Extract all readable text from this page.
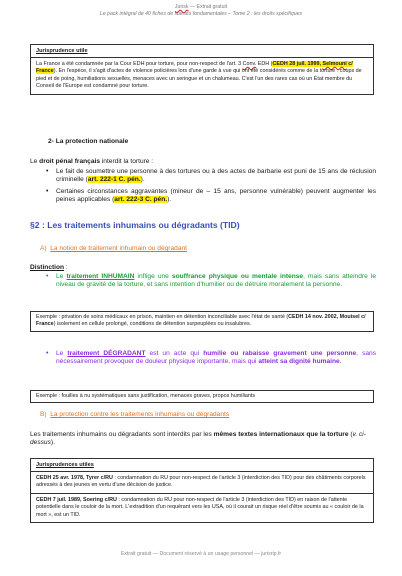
Jurisk — Extrait gratuit
Le pack intégral de 40 fiches de libertés fondamentales – Tome 2 : les droits spécifiques
Jurisprudence utile
La France a été condamnée par la Cour EDH pour torture, pour non-respect de l'art. 3 Conv. EDH (CEDH 28 juil. 1999, Selmouni c/ France). En l'espèce, il s'agit d'actes de violence policières lors d'une garde à vue qui ont été considérés comme de la torture : coups de pied et de poing, humiliations sexuelles, menaces avec un seringue et un chalumeau. C'est l'un des rares cas où un État membre du Conseil de l'Europe est condamné pour torture.
2- La protection nationale
Le droit pénal français interdit la torture :
• Le fait de soumettre une personne à des tortures ou à des actes de barbarie est puni de 15 ans de réclusion criminelle (art. 222-1 C. pén.).
• Certaines circonstances aggravantes (mineur de – 15 ans, personne vulnérable) peuvent augmenter les peines applicables (art. 222-3 C. pén.).
§2 : Les traitements inhumains ou dégradants (TID)
A) La notion de traitement inhumain ou dégradant
Distinction :
• Le traitement INHUMAIN inflige une souffrance physique ou mentale intense, mais sans atteindre le niveau de gravité de la torture, et sans intention d'humilier ou de détruire moralement la personne.
Exemple : privation de soins médicaux en prison, maintien en détention inconciliable avec l'état de santé (CEDH 14 nov. 2002, Mouisel c/ France) isolement en cellule prolongé, conditions de détention surpeuplées ou insalubres.
• Le traitement DÉGRADANT est un acte qui humilie ou rabaisse gravement une personne, sans nécessairement provoquer de douleur physique importante, mais qui atteint sa dignité humaine.
Exemple : fouilles à nu systématiques sans justification, menaces graves, propos humiliants
B) La protection contre les traitements inhumains ou dégradants
Les traitements inhumains ou dégradants sont interdits par les mêmes textes internationaux que la torture (v. ci-dessus).
Jurisprudences utiles
CEDH 25 avr. 1978, Tyrer c/RU : condamnation du RU pour non-respect de l'article 3 (interdiction des TID) pour des châtiments corporels adressés à des jeunes en vertu d'une décision de justice.
CEDH 7 juil. 1989, Soering c/RU : condamnation du RU pour non-respect de l'article 3 (interdiction des TID) en raison de l'attente potentielle dans le couloir de la mort. L'extradition d'un requérant vers les USA, où il courait un risque réel d'être soumis au « couloir de la mort », est un TID.
Extrait gratuit — Document réservé à un usage personnel — jurisrip.fr
